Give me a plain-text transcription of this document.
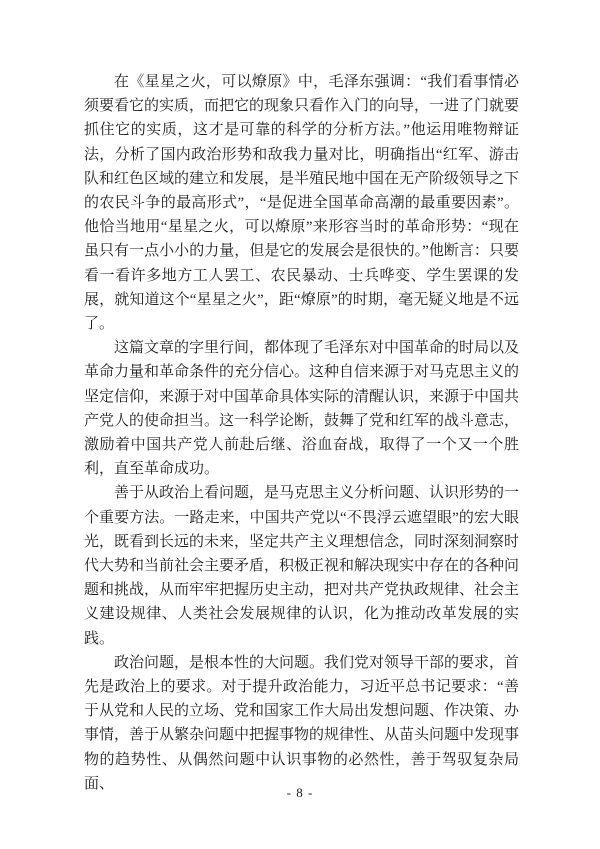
在《星星之火，可以燎原》中，毛泽东强调：“我们看事情必须要看它的实质，而把它的现象只看作入门的向导，一进了门就要抓住它的实质，这才是可靠的科学的分析方法。”他运用唯物辩证法，分析了国内政治形势和敌我力量对比，明确指出“红军、游击队和红色区域的建立和发展，是半殖民地中国在无产阶级领导之下的农民斗争的最高形式”，“是促进全国革命高潮的最重要因素”。他恰当地用“星星之火，可以燎原”来形容当时的革命形势：“现在虽只有一点小小的力量，但是它的发展会是很快的。”他断言：只要看一看许多地方工人罢工、农民暴动、士兵哗变、学生罢课的发展，就知道这个“星星之火”，距“燎原”的时期，毫无疑义地是不远了。

这篇文章的字里行间，都体现了毛泽东对中国革命的时局以及革命力量和革命条件的充分信心。这种自信来源于对马克思主义的坚定信仰，来源于对中国革命具体实际的清醒认识，来源于中国共产党人的使命担当。这一科学论断，鼓舞了党和红军的战斗意志，激励着中国共产党人前赴后继、浴血奋战，取得了一个又一个胜利，直至革命成功。

善于从政治上看问题，是马克思主义分析问题、认识形势的一个重要方法。一路走来，中国共产党以“不畏浮云遮望眼”的宏大眼光，既看到长远的未来，坚定共产主义理想信念，同时深刻洞察时代大势和当前社会主要矛盾，积极正视和解决现实中存在的各种问题和挑战，从而牢牢把握历史主动，把对共产党执政规律、社会主义建设规律、人类社会发展规律的认识，化为推动改革发展的实践。

政治问题，是根本性的大问题。我们党对领导干部的要求，首先是政治上的要求。对于提升政治能力，习近平总书记要求：“善于从党和人民的立场、党和国家工作大局出发想问题、作决策、办事情，善于从繁杂问题中把握事物的规律性、从苗头问题中发现事物的趋势性、从偶然问题中认识事物的必然性，善于驾驭复杂局面、

- 8 -
